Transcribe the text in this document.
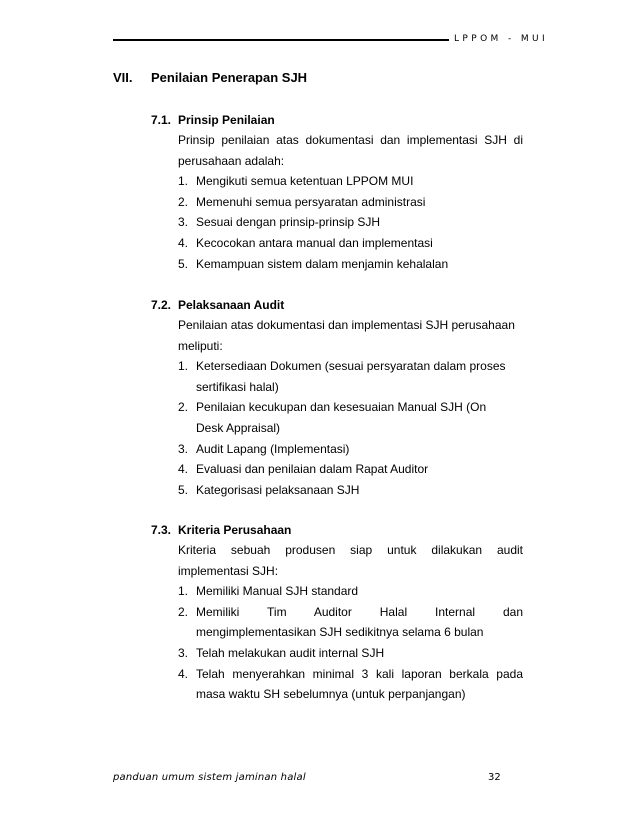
LPPOM - MUI
VII. Penilaian Penerapan SJH
7.1. Prinsip Penilaian
Prinsip penilaian atas dokumentasi dan implementasi SJH di perusahaan adalah:
1. Mengikuti semua ketentuan LPPOM MUI
2. Memenuhi semua persyaratan administrasi
3. Sesuai dengan prinsip-prinsip SJH
4. Kecocokan antara manual dan implementasi
5. Kemampuan sistem dalam menjamin kehalalan
7.2. Pelaksanaan Audit
Penilaian atas dokumentasi dan implementasi SJH perusahaan meliputi:
1. Ketersediaan Dokumen (sesuai persyaratan dalam proses sertifikasi halal)
2. Penilaian kecukupan dan kesesuaian Manual SJH (On Desk Appraisal)
3. Audit Lapang (Implementasi)
4. Evaluasi dan penilaian dalam Rapat Auditor
5. Kategorisasi pelaksanaan SJH
7.3. Kriteria Perusahaan
Kriteria sebuah produsen siap untuk dilakukan audit implementasi SJH:
1. Memiliki Manual SJH standard
2. Memiliki Tim Auditor Halal Internal dan mengimplementasikan SJH sedikitnya selama 6 bulan
3. Telah melakukan audit internal SJH
4. Telah menyerahkan minimal 3 kali laporan berkala pada masa waktu SH sebelumnya (untuk perpanjangan)
panduan umum sistem jaminan halal	32
